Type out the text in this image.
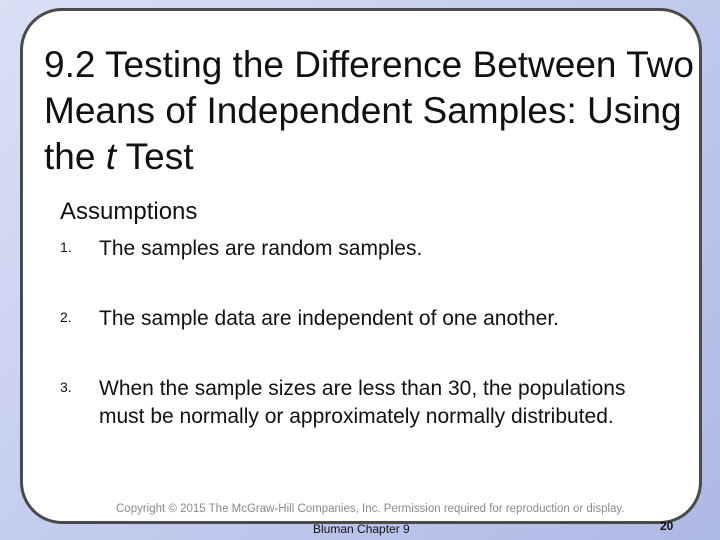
9.2 Testing the Difference Between Two Means of Independent Samples: Using the t Test
Assumptions
1. The samples are random samples.
2. The sample data are independent of one another.
3. When the sample sizes are less than 30, the populations must be normally or approximately normally distributed.
Copyright © 2015 The McGraw-Hill Companies, Inc. Permission required for reproduction or display.
Bluman Chapter 9	20
